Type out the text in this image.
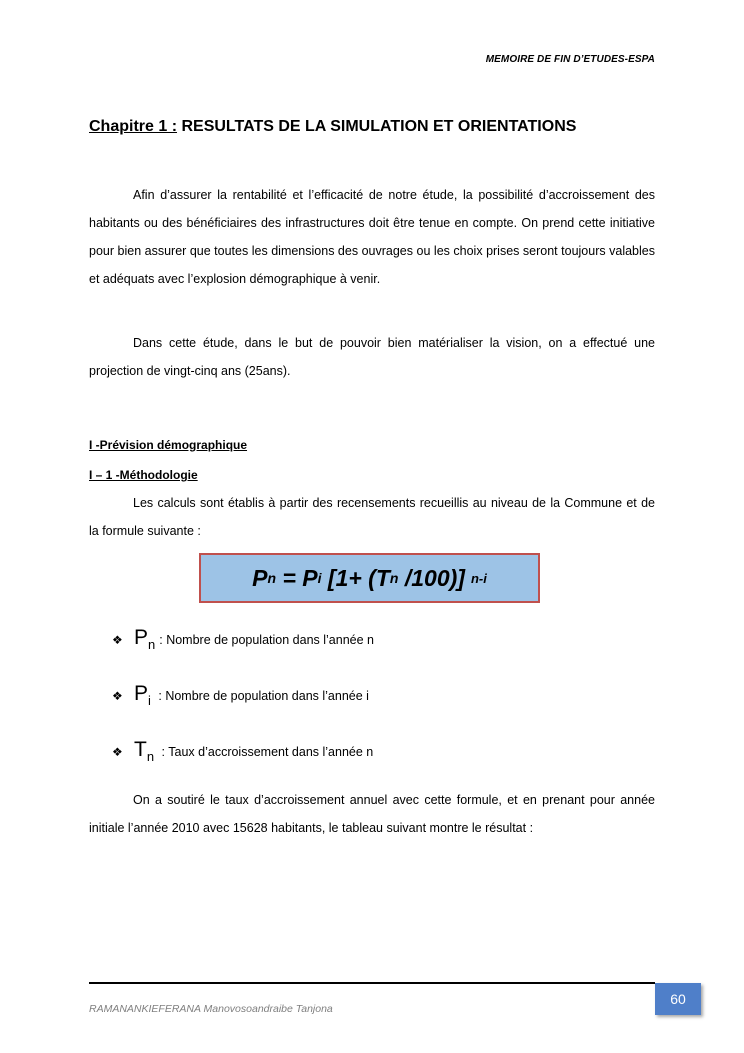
MEMOIRE DE FIN D’ETUDES-ESPA
Chapitre 1 : RESULTATS DE LA SIMULATION ET ORIENTATIONS

Afin d’assurer la rentabilité et l’efficacité de notre étude, la possibilité d’accroissement des habitants ou des bénéficiaires des infrastructures doit être tenue en compte. On prend cette initiative pour bien assurer que toutes les dimensions des ouvrages ou les choix prises seront toujours valables et adéquats avec l’explosion démographique à venir.

Dans cette étude, dans le but de pouvoir bien matérialiser la vision, on a effectué une projection de vingt-cinq ans (25ans).

I -Prévision démographique
I – 1 -Méthodologie

Les calculs sont établis à partir des recensements recueillis au niveau de la Commune et de la formule suivante :

P n = P i [1+ ( T n /100)] n-i
❖ $P_n$ : Nombre de population dans l’année n
❖ $P_i$ : Nombre de population dans l’année i
❖ $T_n$ : Taux d’accroissement dans l’année n

On a soutiré le taux d’accroissement annuel avec cette formule, et en prenant pour année initiale l’année 2010 avec 15628 habitants, le tableau suivant montre le résultat :

RAMANANKIEFERANA Manovosoandraibe Tanjona
60
